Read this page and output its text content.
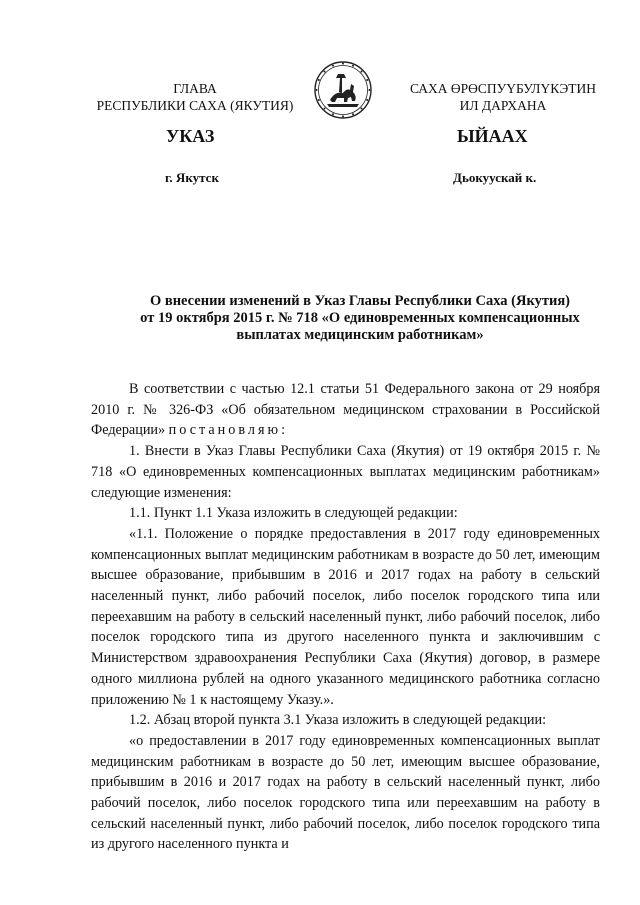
ГЛАВА
РЕСПУБЛИКИ САХА (ЯКУТИЯ)
САХА ӨРӨСПУҮБУЛҮКЭТИН
ИЛ ДАРХАНА
УКАЗ	ЫЙААХ
г. Якутск	Дьокуускай к.
О внесении изменений в Указ Главы Республики Саха (Якутия)
от 19 октября 2015 г. № 718 «О единовременных компенсационных
выплатах медицинским работникам»

В соответствии с частью 12.1 статьи 51 Федерального закона от 29 ноября 2010 г. № 326-ФЗ «Об обязательном медицинском страховании в Российской Федерации» постановляю:

1. Внести в Указ Главы Республики Саха (Якутия) от 19 октября 2015 г. № 718 «О единовременных компенсационных выплатах медицинским работникам» следующие изменения:

1.1. Пункт 1.1 Указа изложить в следующей редакции:

«1.1. Положение о порядке предоставления в 2017 году единовременных компенсационных выплат медицинским работникам в возрасте до 50 лет, имеющим высшее образование, прибывшим в 2016 и 2017 годах на работу в сельский населенный пункт, либо рабочий поселок, либо поселок городского типа или переехавшим на работу в сельский населенный пункт, либо рабочий поселок, либо поселок городского типа из другого населенного пункта и заключившим с Министерством здравоохранения Республики Саха (Якутия) договор, в размере одного миллиона рублей на одного указанного медицинского работника согласно приложению № 1 к настоящему Указу.».

1.2. Абзац второй пункта 3.1 Указа изложить в следующей редакции:

«о предоставлении в 2017 году единовременных компенсационных выплат медицинским работникам в возрасте до 50 лет, имеющим высшее образование, прибывшим в 2016 и 2017 годах на работу в сельский населенный пункт, либо рабочий поселок, либо поселок городского типа или переехавшим на работу в сельский населенный пункт, либо рабочий поселок, либо поселок городского типа из другого населенного пункта и
